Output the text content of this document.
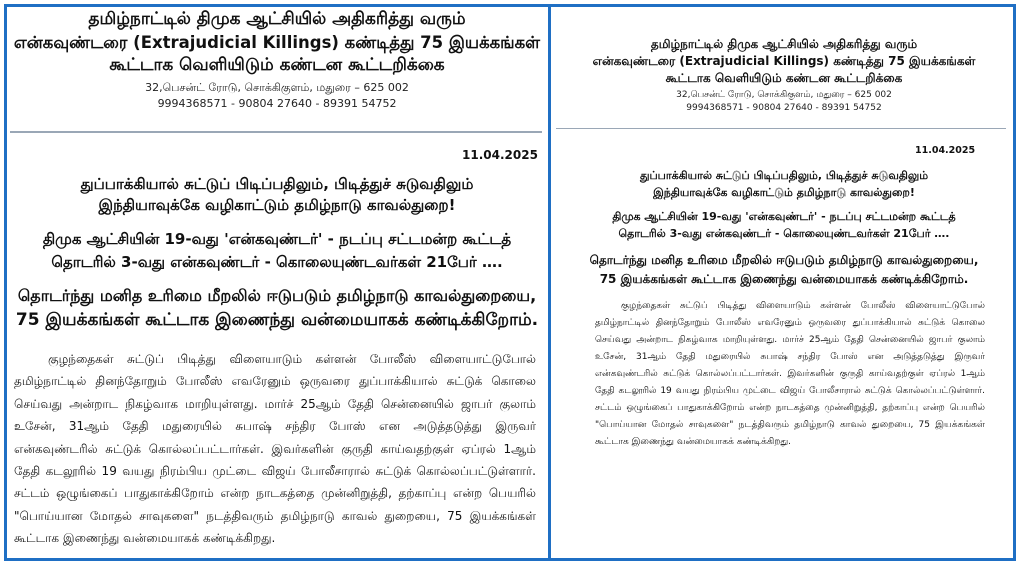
தமிழ்நாட்டில் திமுக ஆட்சியில் அதிகரித்து வரும்
என்கவுண்டரை (Extrajudicial Killings) கண்டித்து 75 இயக்கங்கள்
கூட்டாக வெளியிடும் கண்டன கூட்டறிக்கை
32,பெசன்ட் ரோடு, சொக்கிகுளம், மதுரை – 625 002
9994368571 - 90804 27640 - 89391 54752
11.04.2025
துப்பாக்கியால் சுட்டுப் பிடிப்பதிலும், பிடித்துச் சுடுவதிலும்
இந்தியாவுக்கே வழிகாட்டும் தமிழ்நாடு காவல்துறை!
திமுக ஆட்சியின் 19-வது 'என்கவுண்டர்' - நடப்பு சட்டமன்ற கூட்டத்
தொடரில் 3-வது என்கவுண்டர் - கொலையுண்டவர்கள் 21பேர் ….
தொடர்ந்து மனித உரிமை மீறலில் ஈடுபடும் தமிழ்நாடு காவல்துறையை,
75 இயக்கங்கள் கூட்டாக இணைந்து வன்மையாகக் கண்டிக்கிறோம்.

குழந்தைகள் சுட்டுப் பிடித்து விளையாடும் கள்ளன் போலீஸ் விளையாட்டுபோல் தமிழ்நாட்டில் தினந்தோறும் போலீஸ் எவரேனும் ஒருவரை துப்பாக்கியால் சுட்டுக் கொலை செய்வது அன்றாட நிகழ்வாக மாறியுள்ளது. மார்ச் 25ஆம் தேதி சென்னையில் ஜாபர் குலாம் உசேன், 31ஆம் தேதி மதுரையில் சுபாஷ் சந்திர போஸ் என அடுத்தடுத்து இருவர் என்கவுண்டரில் சுட்டுக் கொல்லப்பட்டார்கள். இவர்களின் குருதி காய்வதற்குள் ஏப்ரல் 1ஆம் தேதி கடலூரில் 19 வயது நிரம்பிய முட்டை விஜய் போலீசாரால் சுட்டுக் கொல்லப்பட்டுள்ளார். சட்டம் ஒழுங்கைப் பாதுகாக்கிறோம் என்ற நாடகத்தை முன்னிறுத்தி, தற்காப்பு என்ற பெயரில் "பொய்யான மோதல் சாவுகளை" நடத்திவரும் தமிழ்நாடு காவல் துறையை, 75 இயக்கங்கள் கூட்டாக இணைந்து வன்மையாகக் கண்டிக்கிறது.

தமிழ்நாட்டில் திமுக ஆட்சியில் அதிகரித்து வரும்
என்கவுண்டரை (Extrajudicial Killings) கண்டித்து 75 இயக்கங்கள்
கூட்டாக வெளியிடும் கண்டன கூட்டறிக்கை
32,பெசன்ட் ரோடு, சொக்கிகுளம், மதுரை – 625 002
9994368571 - 90804 27640 - 89391 54752
11.04.2025
துப்பாக்கியால் சுட்டுப் பிடிப்பதிலும், பிடித்துச் சுடுவதிலும்
இந்தியாவுக்கே வழிகாட்டும் தமிழ்நாடு காவல்துறை!
திமுக ஆட்சியின் 19-வது 'என்கவுண்டர்' - நடப்பு சட்டமன்ற கூட்டத்
தொடரில் 3-வது என்கவுண்டர் - கொலையுண்டவர்கள் 21பேர் ….
தொடர்ந்து மனித உரிமை மீறலில் ஈடுபடும் தமிழ்நாடு காவல்துறையை,
75 இயக்கங்கள் கூட்டாக இணைந்து வன்மையாகக் கண்டிக்கிறோம்.

குழந்தைகள் சுட்டுப் பிடித்து விளையாடும் கள்ளன் போலீஸ் விளையாட்டுபோல் தமிழ்நாட்டில் தினந்தோறும் போலீஸ் எவரேனும் ஒருவரை துப்பாக்கியால் சுட்டுக் கொலை செய்வது அன்றாட நிகழ்வாக மாறியுள்ளது. மார்ச் 25ஆம் தேதி சென்னையில் ஜாபர் குலாம் உசேன், 31ஆம் தேதி மதுரையில் சுபாஷ் சந்திர போஸ் என அடுத்தடுத்து இருவர் என்கவுண்டரில் சுட்டுக் கொல்லப்பட்டார்கள். இவர்களின் குருதி காய்வதற்குள் ஏப்ரல் 1ஆம் தேதி கடலூரில் 19 வயது நிரம்பிய முட்டை விஜய் போலீசாரால் சுட்டுக் கொல்லப்பட்டுள்ளார். சட்டம் ஒழுங்கைப் பாதுகாக்கிறோம் என்ற நாடகத்தை முன்னிறுத்தி, தற்காப்பு என்ற பெயரில் "பொய்யான மோதல் சாவுகளை" நடத்திவரும் தமிழ்நாடு காவல் துறையை, 75 இயக்கங்கள் கூட்டாக இணைந்து வன்மையாகக் கண்டிக்கிறது.
